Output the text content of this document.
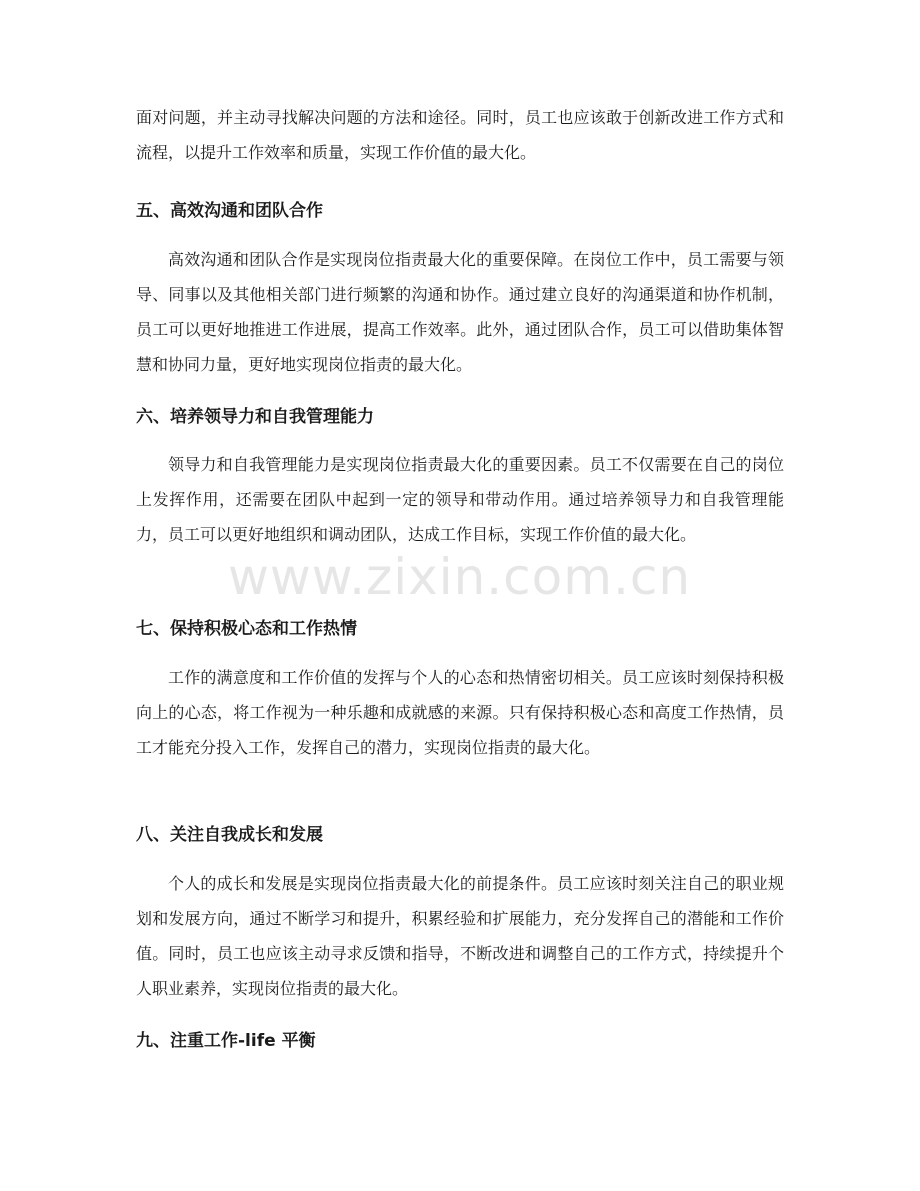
面对问题，并主动寻找解决问题的方法和途径。同时，员工也应该敢于创新改进工作方式和流程，以提升工作效率和质量，实现工作价值的最大化。

五、高效沟通和团队合作

高效沟通和团队合作是实现岗位指责最大化的重要保障。在岗位工作中，员工需要与领导、同事以及其他相关部门进行频繁的沟通和协作。通过建立良好的沟通渠道和协作机制，员工可以更好地推进工作进展，提高工作效率。此外，通过团队合作，员工可以借助集体智慧和协同力量，更好地实现岗位指责的最大化。

六、培养领导力和自我管理能力

领导力和自我管理能力是实现岗位指责最大化的重要因素。员工不仅需要在自己的岗位上发挥作用，还需要在团队中起到一定的领导和带动作用。通过培养领导力和自我管理能力，员工可以更好地组织和调动团队，达成工作目标，实现工作价值的最大化。

七、保持积极心态和工作热情

工作的满意度和工作价值的发挥与个人的心态和热情密切相关。员工应该时刻保持积极向上的心态，将工作视为一种乐趣和成就感的来源。只有保持积极心态和高度工作热情，员工才能充分投入工作，发挥自己的潜力，实现岗位指责的最大化。

八、关注自我成长和发展

个人的成长和发展是实现岗位指责最大化的前提条件。员工应该时刻关注自己的职业规划和发展方向，通过不断学习和提升，积累经验和扩展能力，充分发挥自己的潜能和工作价值。同时，员工也应该主动寻求反馈和指导，不断改进和调整自己的工作方式，持续提升个人职业素养，实现岗位指责的最大化。

九、注重工作-life 平衡
www.zixin.com.cn
